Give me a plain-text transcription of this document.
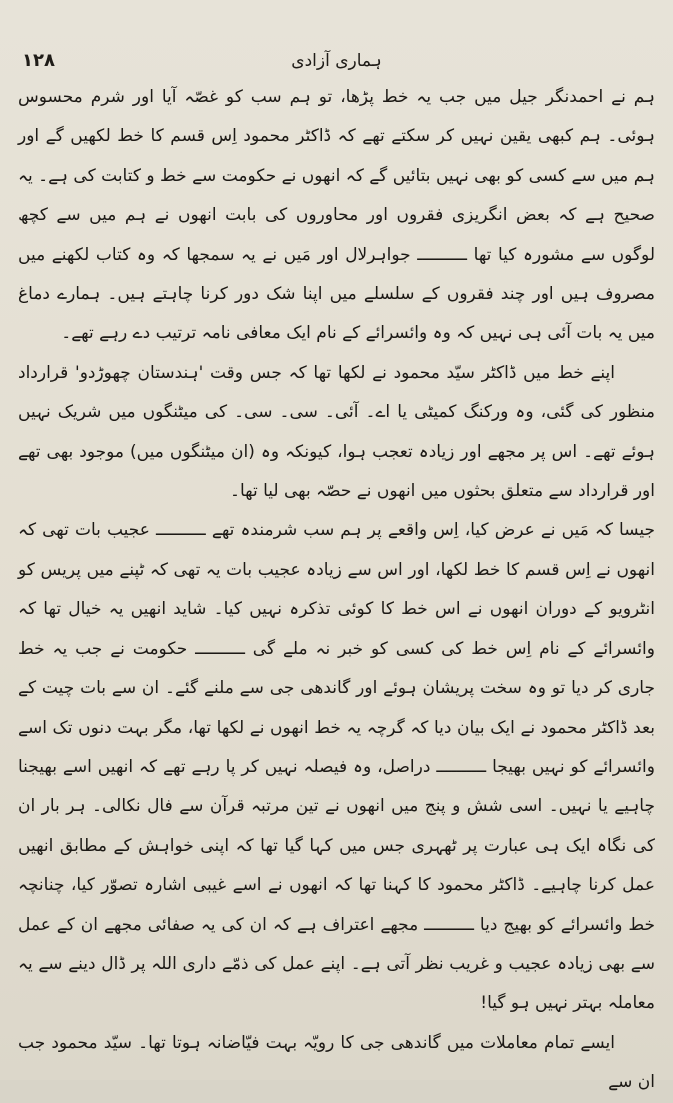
۱۲۸	ہماری آزادی

ہم نے احمدنگر جیل میں جب یہ خط پڑھا، تو ہم سب کو غصّہ آیا اور شرم محسوس ہوئی۔ ہم کبھی یقین نہیں کر سکتے تھے کہ ڈاکٹر محمود اِس قسم کا خط لکھیں گے اور ہم میں سے کسی کو بھی نہیں بتائیں گے کہ انھوں نے حکومت سے خط و کتابت کی ہے۔ یہ صحیح ہے کہ بعض انگریزی فقروں اور محاوروں کی بابت انھوں نے ہم میں سے کچھ لوگوں سے مشورہ کیا تھا ــــــــــ جواہرلال اور مَیں نے یہ سمجھا کہ وہ کتاب لکھنے میں مصروف ہیں اور چند فقروں کے سلسلے میں اپنا شک دور کرنا چاہتے ہیں۔ ہمارے دماغ میں یہ بات آئی ہی نہیں کہ وہ وائسرائے کے نام ایک معافی نامہ ترتیب دے رہے تھے۔

اپنے خط میں ڈاکٹر سیّد محمود نے لکھا تھا کہ جس وقت 'ہندستان چھوڑدو' قرارداد منظور کی گئی، وہ ورکنگ کمیٹی یا اے۔ آئی۔ سی۔ سی۔ کی میٹنگوں میں شریک نہیں ہوئے تھے۔ اس پر مجھے اور زیادہ تعجب ہوا، کیونکہ وہ (ان میٹنگوں میں) موجود بھی تھے اور قرارداد سے متعلق بحثوں میں انھوں نے حصّہ بھی لیا تھا۔

جیسا کہ مَیں نے عرض کیا، اِس واقعے پر ہم سب شرمندہ تھے ــــــــــ عجیب بات تھی کہ انھوں نے اِس قسم کا خط لکھا، اور اس سے زیادہ عجیب بات یہ تھی کہ ٹپنے میں پریس کو انٹرویو کے دوران انھوں نے اس خط کا کوئی تذکرہ نہیں کیا۔ شاید انھیں یہ خیال تھا کہ وائسرائے کے نام اِس خط کی کسی کو خبر نہ ملے گی ــــــــــ حکومت نے جب یہ خط جاری کر دیا تو وہ سخت پریشان ہوئے اور گاندھی جی سے ملنے گئے۔ ان سے بات چیت کے بعد ڈاکٹر محمود نے ایک بیان دیا کہ گرچہ یہ خط انھوں نے لکھا تھا، مگر بہت دنوں تک اسے وائسرائے کو نہیں بھیجا ــــــــــ دراصل، وہ فیصلہ نہیں کر پا رہے تھے کہ انھیں اسے بھیجنا چاہیے یا نہیں۔ اسی شش و پنج میں انھوں نے تین مرتبہ قرآن سے فال نکالی۔ ہر بار ان کی نگاہ ایک ہی عبارت پر ٹھہری جس میں کہا گیا تھا کہ اپنی خواہش کے مطابق انھیں عمل کرنا چاہیے۔ ڈاکٹر محمود کا کہنا تھا کہ انھوں نے اسے غیبی اشارہ تصوّر کیا، چنانچہ خط وائسرائے کو بھیج دیا ــــــــــ مجھے اعتراف ہے کہ ان کی یہ صفائی مجھے ان کے عمل سے بھی زیادہ عجیب و غریب نظر آتی ہے۔ اپنے عمل کی ذمّے داری اللہ پر ڈال دینے سے یہ معاملہ بہتر نہیں ہو گیا!

ایسے تمام معاملات میں گاندھی جی کا رویّہ بہت فیّاضانہ ہوتا تھا۔ سیّد محمود جب ان سے
